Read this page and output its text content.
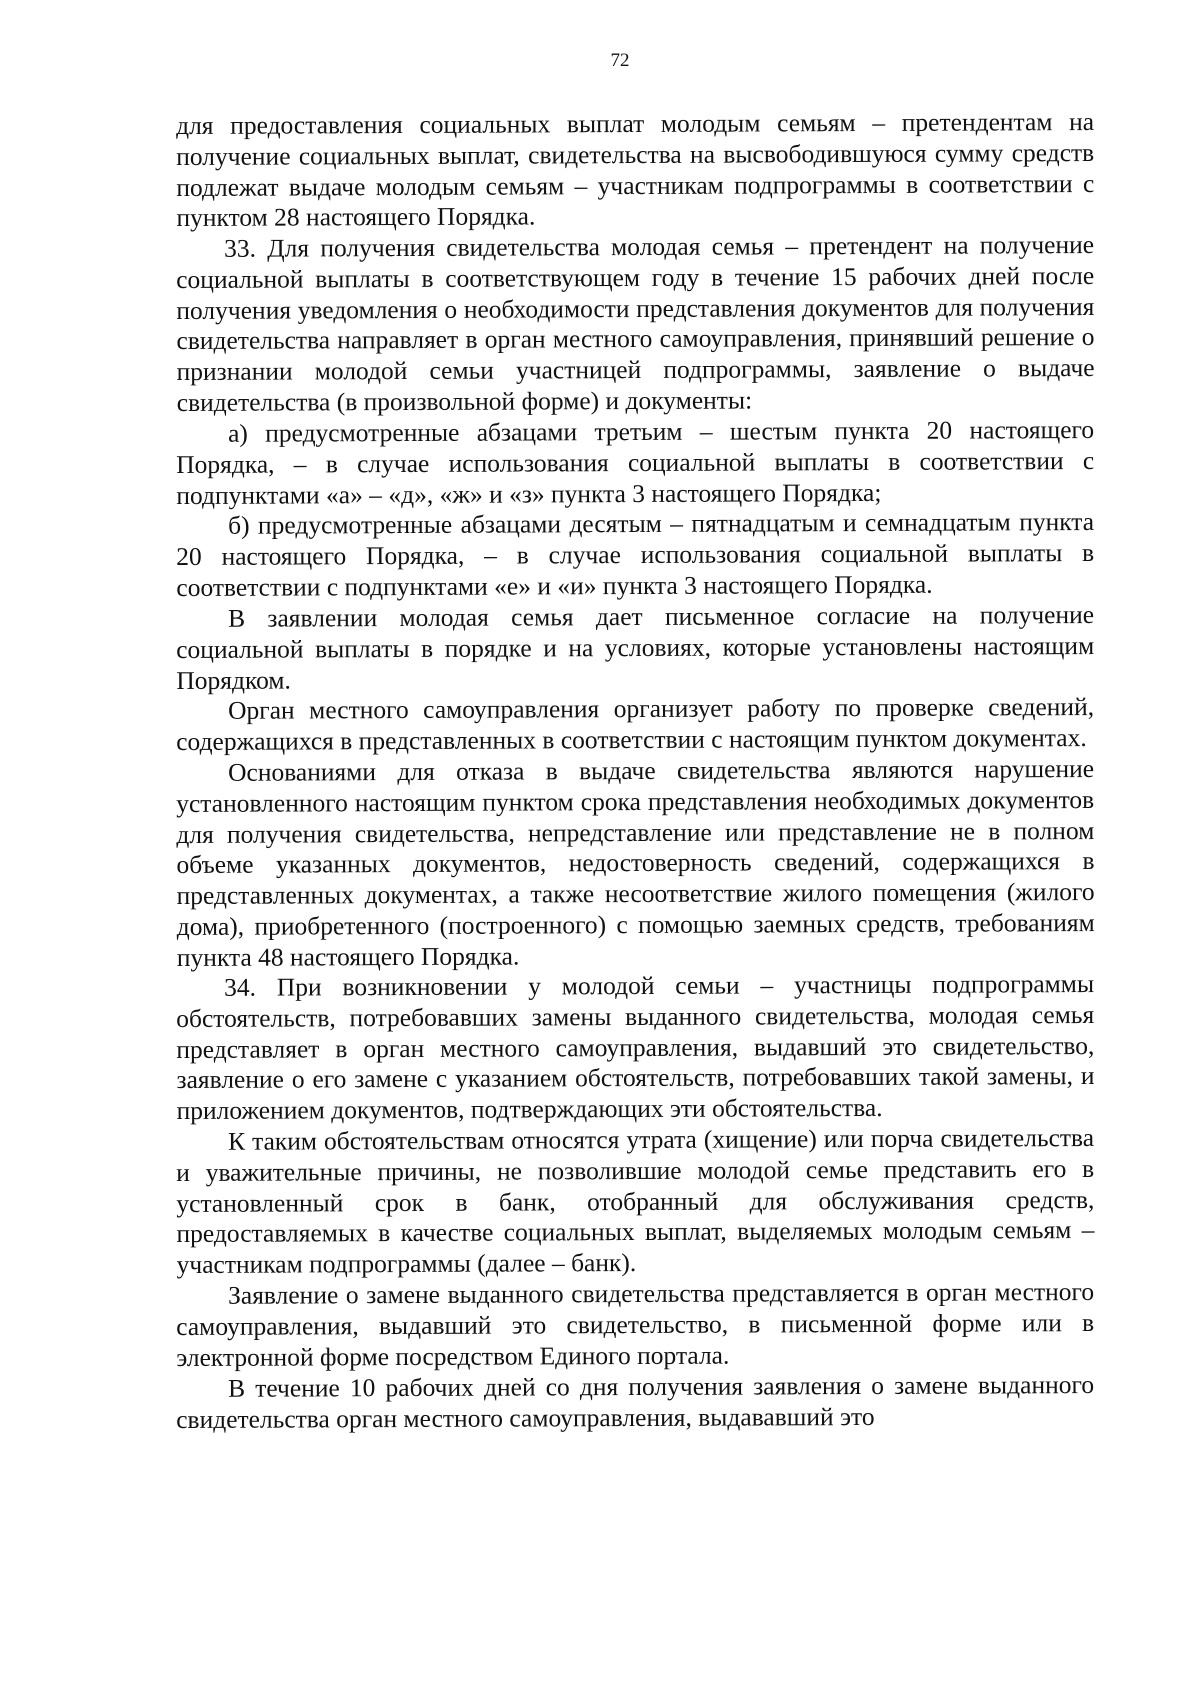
72

для предоставления социальных выплат молодым семьям – претендентам на получение социальных выплат, свидетельства на высвободившуюся сумму средств подлежат выдаче молодым семьям – участникам подпрограммы в соответствии с пунктом 28 настоящего Порядка.

33. Для получения свидетельства молодая семья – претендент на получение социальной выплаты в соответствующем году в течение 15 рабочих дней после получения уведомления о необходимости представления документов для получения свидетельства направляет в орган местного самоуправления, принявший решение о признании молодой семьи участницей подпрограммы, заявление о выдаче свидетельства (в произвольной форме) и документы:

а) предусмотренные абзацами третьим – шестым пункта 20 настоящего Порядка, – в случае использования социальной выплаты в соответствии с подпунктами «а» – «д», «ж» и «з» пункта 3 настоящего Порядка;

б) предусмотренные абзацами десятым – пятнадцатым и семнадцатым пункта 20 настоящего Порядка, – в случае использования социальной выплаты в соответствии с подпунктами «е» и «и» пункта 3 настоящего Порядка.

В заявлении молодая семья дает письменное согласие на получение социальной выплаты в порядке и на условиях, которые установлены настоящим Порядком.

Орган местного самоуправления организует работу по проверке сведений, содержащихся в представленных в соответствии с настоящим пунктом документах.

Основаниями для отказа в выдаче свидетельства являются нарушение установленного настоящим пунктом срока представления необходимых документов для получения свидетельства, непредставление или представление не в полном объеме указанных документов, недостоверность сведений, содержащихся в представленных документах, а также несоответствие жилого помещения (жилого дома), приобретенного (построенного) с помощью заемных средств, требованиям пункта 48 настоящего Порядка.

34. При возникновении у молодой семьи – участницы подпрограммы обстоятельств, потребовавших замены выданного свидетельства, молодая семья представляет в орган местного самоуправления, выдавший это свидетельство, заявление о его замене с указанием обстоятельств, потребовавших такой замены, и приложением документов, подтверждающих эти обстоятельства.

К таким обстоятельствам относятся утрата (хищение) или порча свидетельства и уважительные причины, не позволившие молодой семье представить его в установленный срок в банк, отобранный для обслуживания средств, предоставляемых в качестве социальных выплат, выделяемых молодым семьям – участникам подпрограммы (далее – банк).

Заявление о замене выданного свидетельства представляется в орган местного самоуправления, выдавший это свидетельство, в письменной форме или в электронной форме посредством Единого портала.

В течение 10 рабочих дней со дня получения заявления о замене выданного свидетельства орган местного самоуправления, выдававший это
